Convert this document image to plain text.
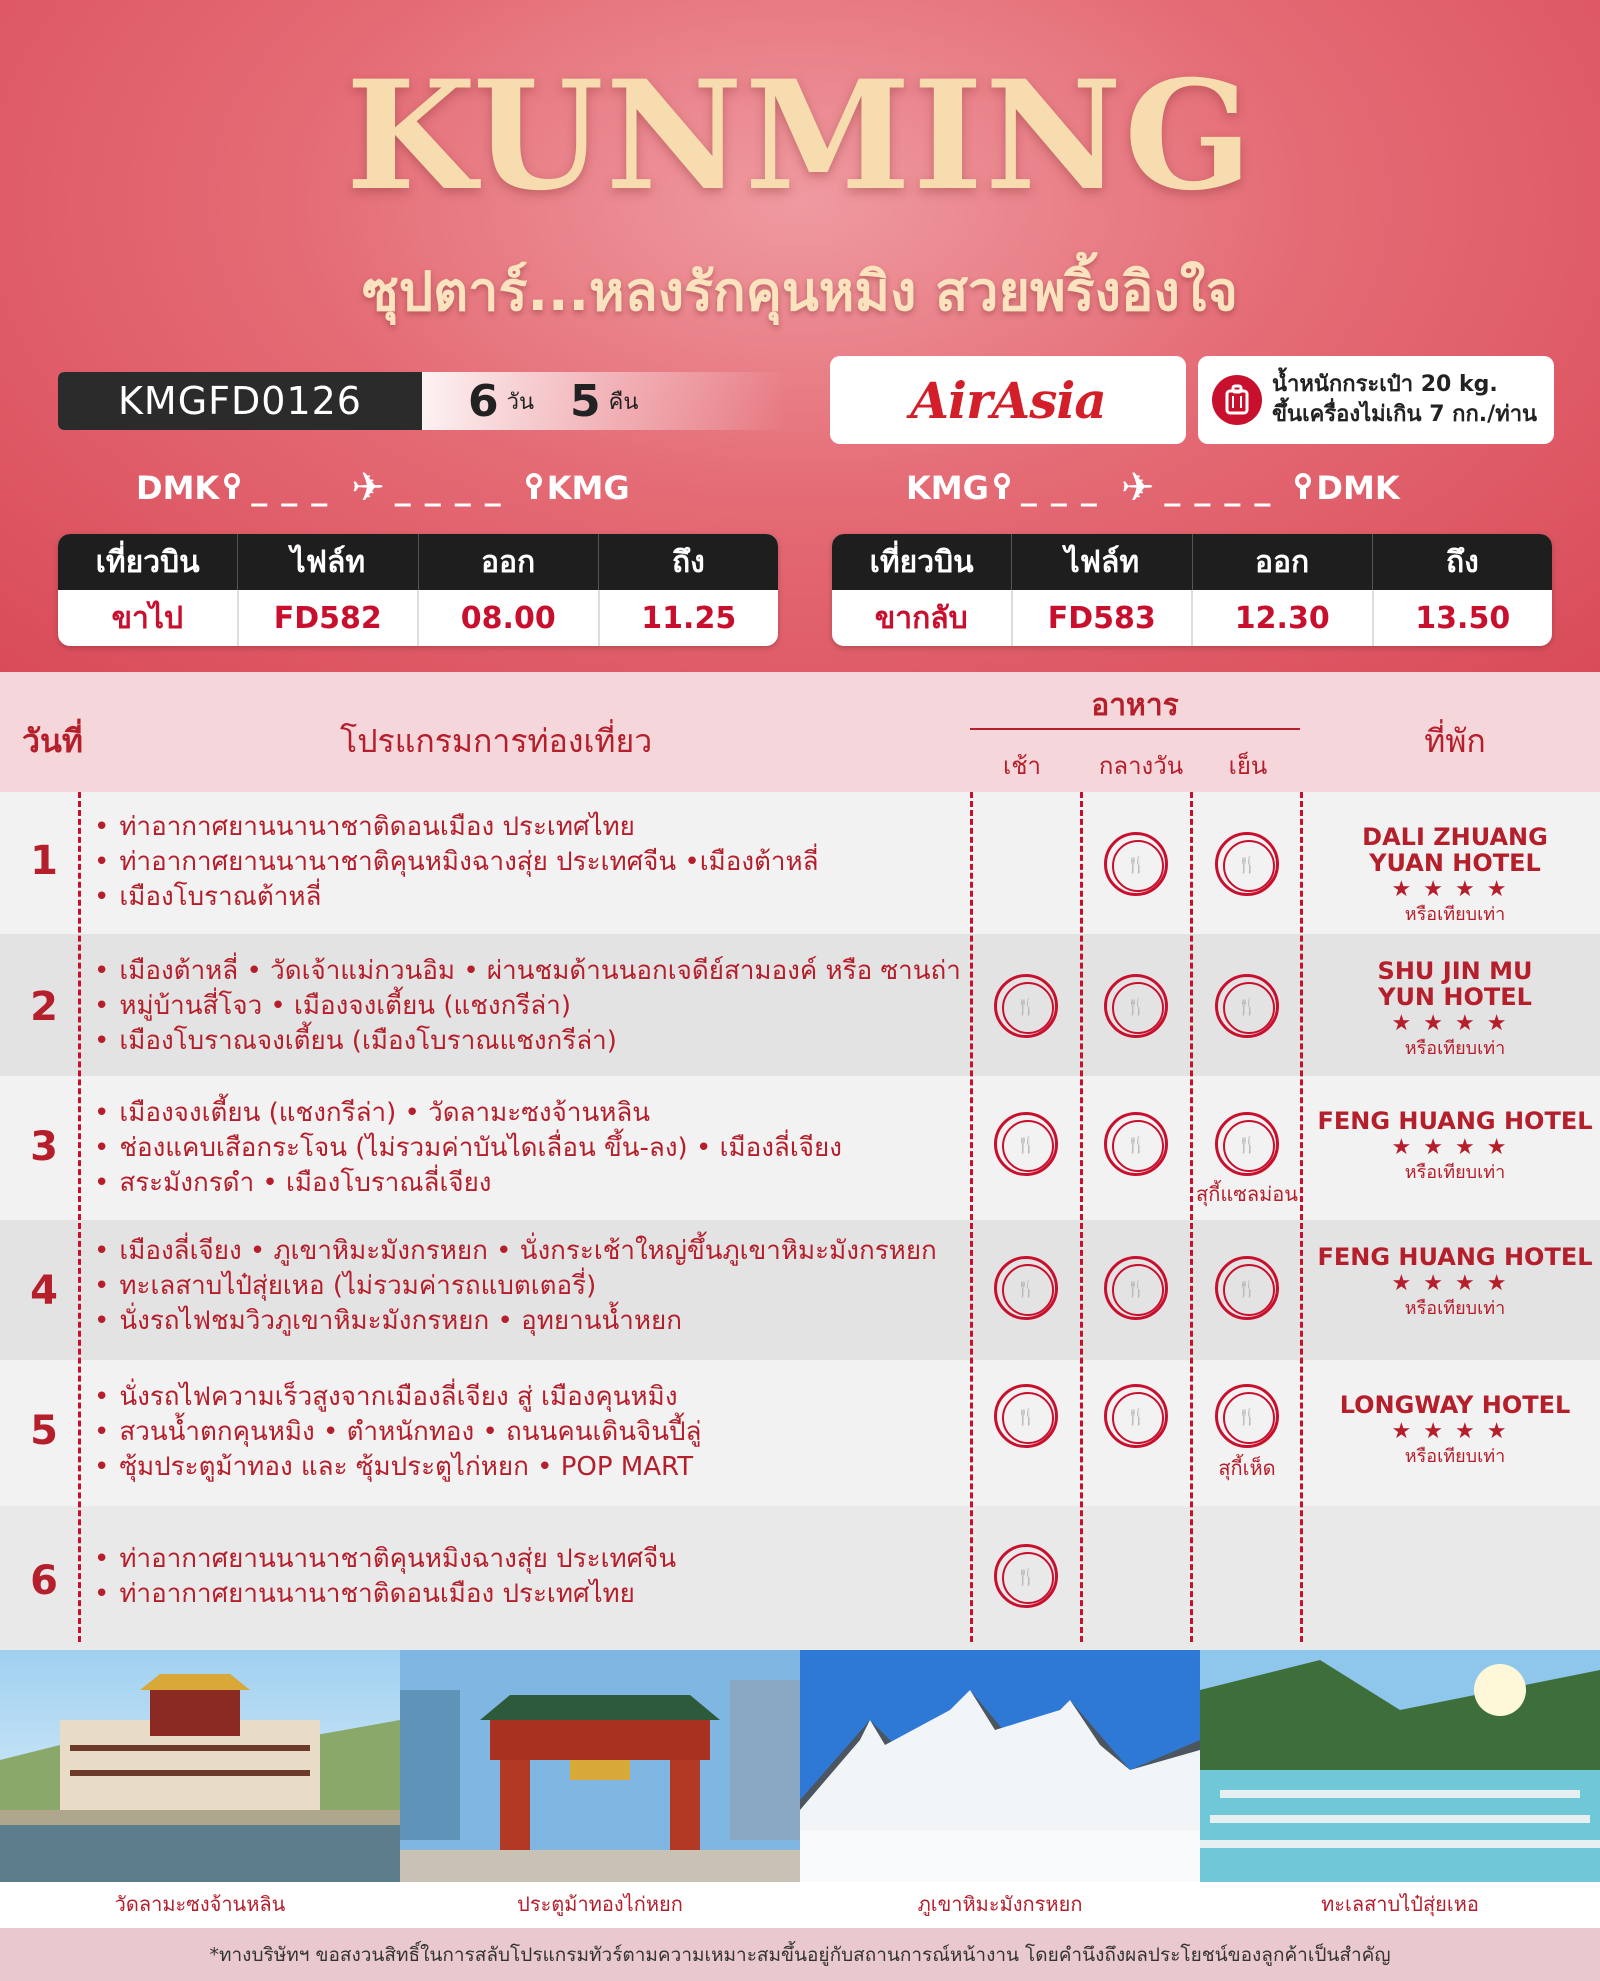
KUNMING
ซุปตาร์...หลงรักคุนหมิง สวยพริ้งอิงใจ
KMGFD0126	6 วัน 5 คืน	AirAsia	น้ำหนักกระเป๋า 20 kg.
ขึ้นเครื่องไม่เกิน 7 กก./ท่าน
DMK ___ ✈ ____ KMG	KMG ___ ✈ ____ DMK
เที่ยวบิน	ไฟล์ท	ออก	ถึง
ขาไป	FD582	08.00	11.25
เที่ยวบิน	ไฟล์ท	ออก	ถึง
ขากลับ	FD583	12.30	13.50
วันที่	โปรแกรมการท่องเที่ยว
อาหาร
เช้า	กลางวัน	เย็น
ที่พัก
1
• ท่าอากาศยานนานาชาติดอนเมือง ประเทศไทย
• ท่าอากาศยานนานาชาติคุนหมิงฉางสุ่ย ประเทศจีน •เมืองต้าหลี่
• เมืองโบราณต้าหลี่
🍴	🍴
DALI ZHUANG
YUAN HOTEL
★★★★
หรือเทียบเท่า
2
• เมืองต้าหลี่ • วัดเจ้าแม่กวนอิม • ผ่านชมด้านนอกเจดีย์สามองค์ หรือ ซานถ่า
• หมู่บ้านสี่โจว • เมืองจงเตี้ยน (แชงกรีล่า)
• เมืองโบราณจงเตี้ยน (เมืองโบราณแชงกรีล่า)
🍴	🍴	🍴
SHU JIN MU
YUN HOTEL
★★★★
หรือเทียบเท่า
3
• เมืองจงเตี้ยน (แชงกรีล่า) • วัดลามะซงจ้านหลิน
• ช่องแคบเสือกระโจน (ไม่รวมค่าบันไดเลื่อน ขึ้น-ลง) • เมืองลี่เจียง
• สระมังกรดำ • เมืองโบราณลี่เจียง
🍴	🍴	🍴
สุกี้แซลม่อน
FENG HUANG HOTEL
★★★★
หรือเทียบเท่า
4
• เมืองลี่เจียง • ภูเขาหิมะมังกรหยก • นั่งกระเช้าใหญ่ขึ้นภูเขาหิมะมังกรหยก
• ทะเลสาบไป๋สุ่ยเหอ (ไม่รวมค่ารถแบตเตอรี่)
• นั่งรถไฟชมวิวภูเขาหิมะมังกรหยก • อุทยานน้ำหยก
🍴	🍴	🍴
FENG HUANG HOTEL
★★★★
หรือเทียบเท่า
5
• นั่งรถไฟความเร็วสูงจากเมืองลี่เจียง สู่ เมืองคุนหมิง
• สวนน้ำตกคุนหมิง • ตำหนักทอง • ถนนคนเดินจินปี้ลู่
• ซุ้มประตูม้าทอง และ ซุ้มประตูไก่หยก • POP MART
🍴	🍴	🍴
สุกี้เห็ด
LONGWAY HOTEL
★★★★
หรือเทียบเท่า
6
•	ท่าอากาศยานนานาชาติคุนหมิงฉางสุ่ย ประเทศจีน
• ท่าอากาศยานนานาชาติดอนเมือง ประเทศไทย
🍴
วัดลามะซงจ้านหลิน	ประตูม้าทองไก่หยก	ภูเขาหิมะมังกรหยก	ทะเลสาบไป๋สุ่ยเหอ
*ทางบริษัทฯ ขอสงวนสิทธิ์ในการสลับโปรแกรมทัวร์ตามความเหมาะสมขึ้นอยู่กับสถานการณ์หน้างาน โดยคำนึงถึงผลประโยชน์ของลูกค้าเป็นสำคัญ
